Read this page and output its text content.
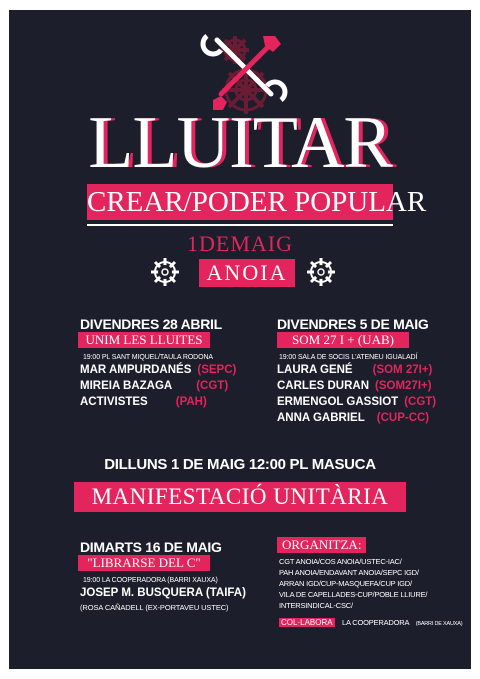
LLUITAR
CREAR/PODER POPULAR
1DEMAIG
ANOIA
DIVENDRES 28 ABRIL
UNIM LES LLUITES
19:00 PL SANT MIQUEL/TAULA RODONA
MAR AMPURDANÉS (SEPC)
MIREIA BAZAGA (CGT)
ACTIVISTES (PAH)
DIVENDRES 5 DE MAIG
SOM 27 I + (UAB)
19:00 SALA DE SOCIS L'ATENEU IGUALADÍ
LAURA GENÉ (SOM 27I+)
CARLES DURAN (SOM27I+)
ERMENGOL GASSIOT (CGT)
ANNA GABRIEL (CUP-CC)
DILLUNS 1 DE MAIG 12:00 PL MASUCA
MANIFESTACIÓ UNITÀRIA
DIMARTS 16 DE MAIG
"LIBRARSE DEL C"
19:00 LA COOPERADORA (BARRI XAUXA)
JOSEP M. BUSQUERA (TAIFA)
(ROSA CAÑADELL (EX-PORTAVEU USTEC)
ORGANITZA:
CGT ANOIA/COS ANOIA/USTEC-IAC/
PAH ANOIA/ENDAVANT ANOIA/SEPC IGD/
ARRAN IGD/CUP-MASQUEFA/CUP IGD/
VILA DE CAPELLADES-CUP/POBLE LLIURE/
INTERSINDICAL-CSC/
COL·LABORA LA COOPERADORA (BARRI DE XAUXA)
